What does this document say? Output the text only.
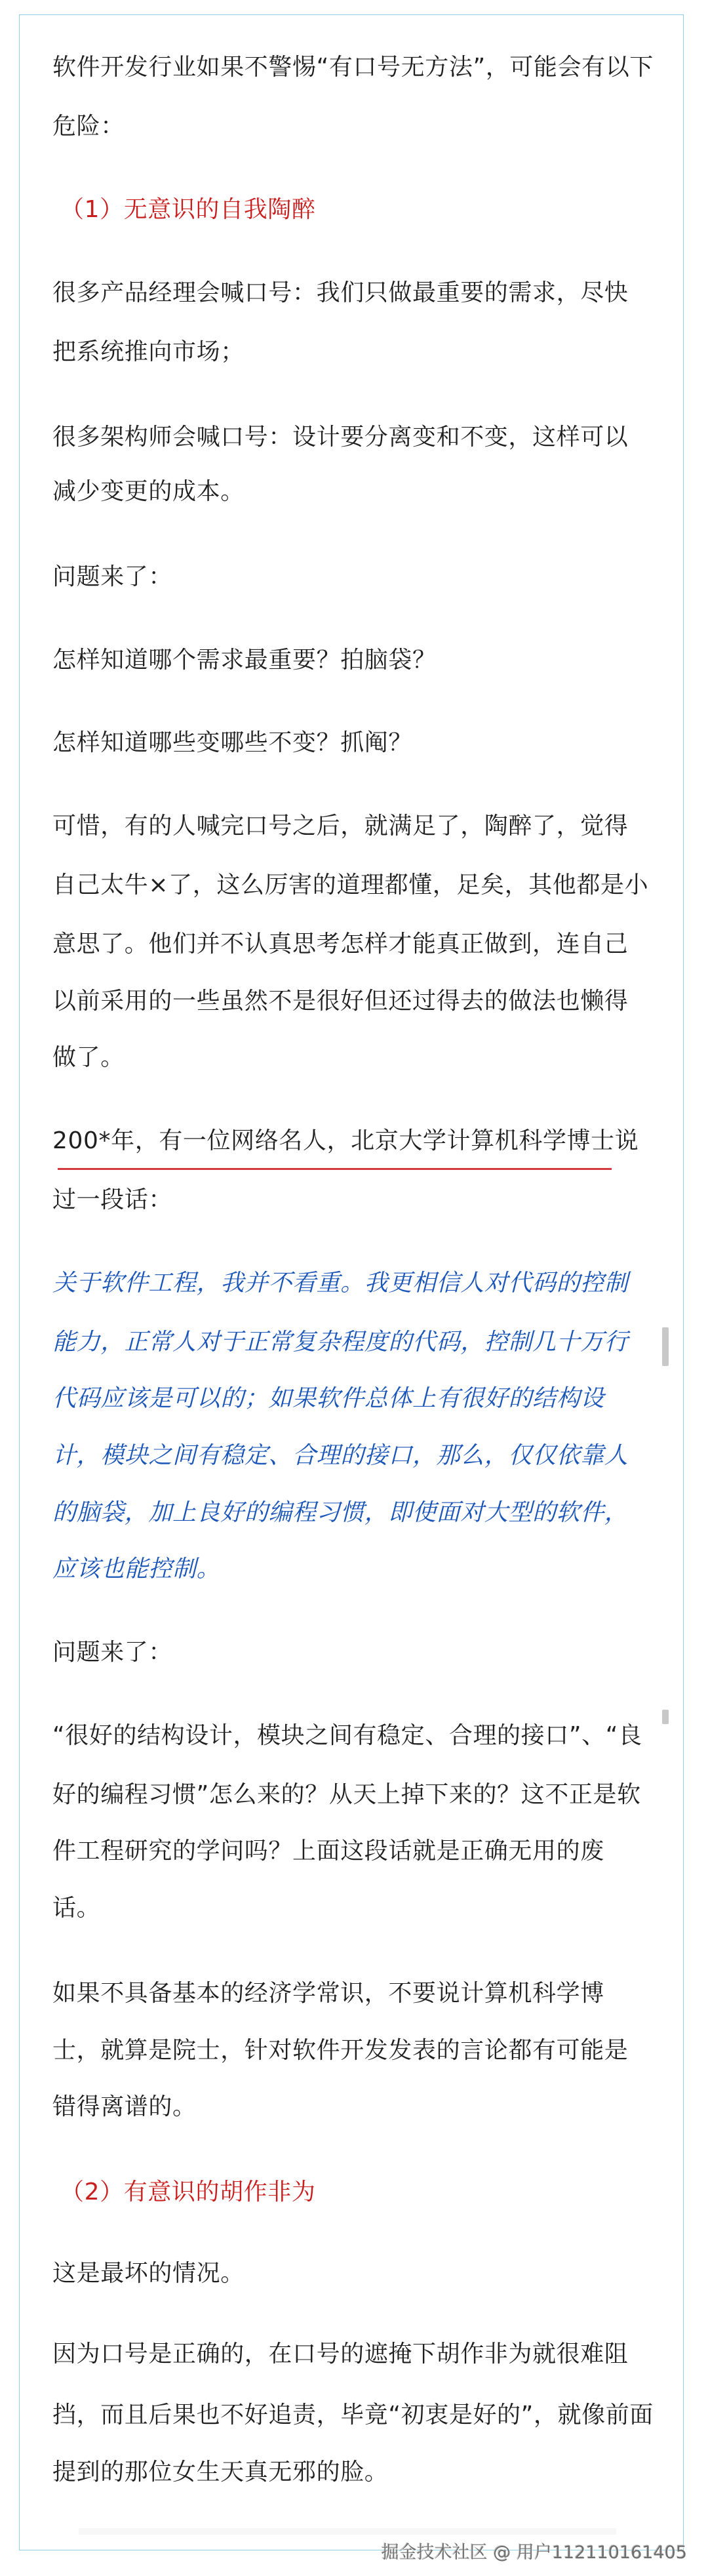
软件开发行业如果不警惕“有口号无方法”，可能会有以下
危险：
（1）无意识的自我陶醉
很多产品经理会喊口号：我们只做最重要的需求，尽快
把系统推向市场；
很多架构师会喊口号：设计要分离变和不变，这样可以
减少变更的成本。
问题来了：
怎样知道哪个需求最重要？拍脑袋？
怎样知道哪些变哪些不变？抓阄？
可惜，有的人喊完口号之后，就满足了，陶醉了，觉得
自己太牛×了，这么厉害的道理都懂，足矣，其他都是小
意思了。他们并不认真思考怎样才能真正做到，连自己
以前采用的一些虽然不是很好但还过得去的做法也懒得
做了。
200*年，有一位网络名人，北京大学计算机科学博士说
过一段话：
关于软件工程，我并不看重。我更相信人对代码的控制
能力，正常人对于正常复杂程度的代码，控制几十万行
代码应该是可以的；如果软件总体上有很好的结构设
计，模块之间有稳定、合理的接口，那么，仅仅依靠人
的脑袋，加上良好的编程习惯，即使面对大型的软件，
应该也能控制。
问题来了：
“很好的结构设计，模块之间有稳定、合理的接口”、“良
好的编程习惯”怎么来的？从天上掉下来的？这不正是软
件工程研究的学问吗？上面这段话就是正确无用的废
话。
如果不具备基本的经济学常识，不要说计算机科学博
士，就算是院士，针对软件开发发表的言论都有可能是
错得离谱的。
（2）有意识的胡作非为
这是最坏的情况。
因为口号是正确的，在口号的遮掩下胡作非为就很难阻
挡，而且后果也不好追责，毕竟“初衷是好的”，就像前面
提到的那位女生天真无邪的脸。
掘金技术社区 @ 用户112110161405
